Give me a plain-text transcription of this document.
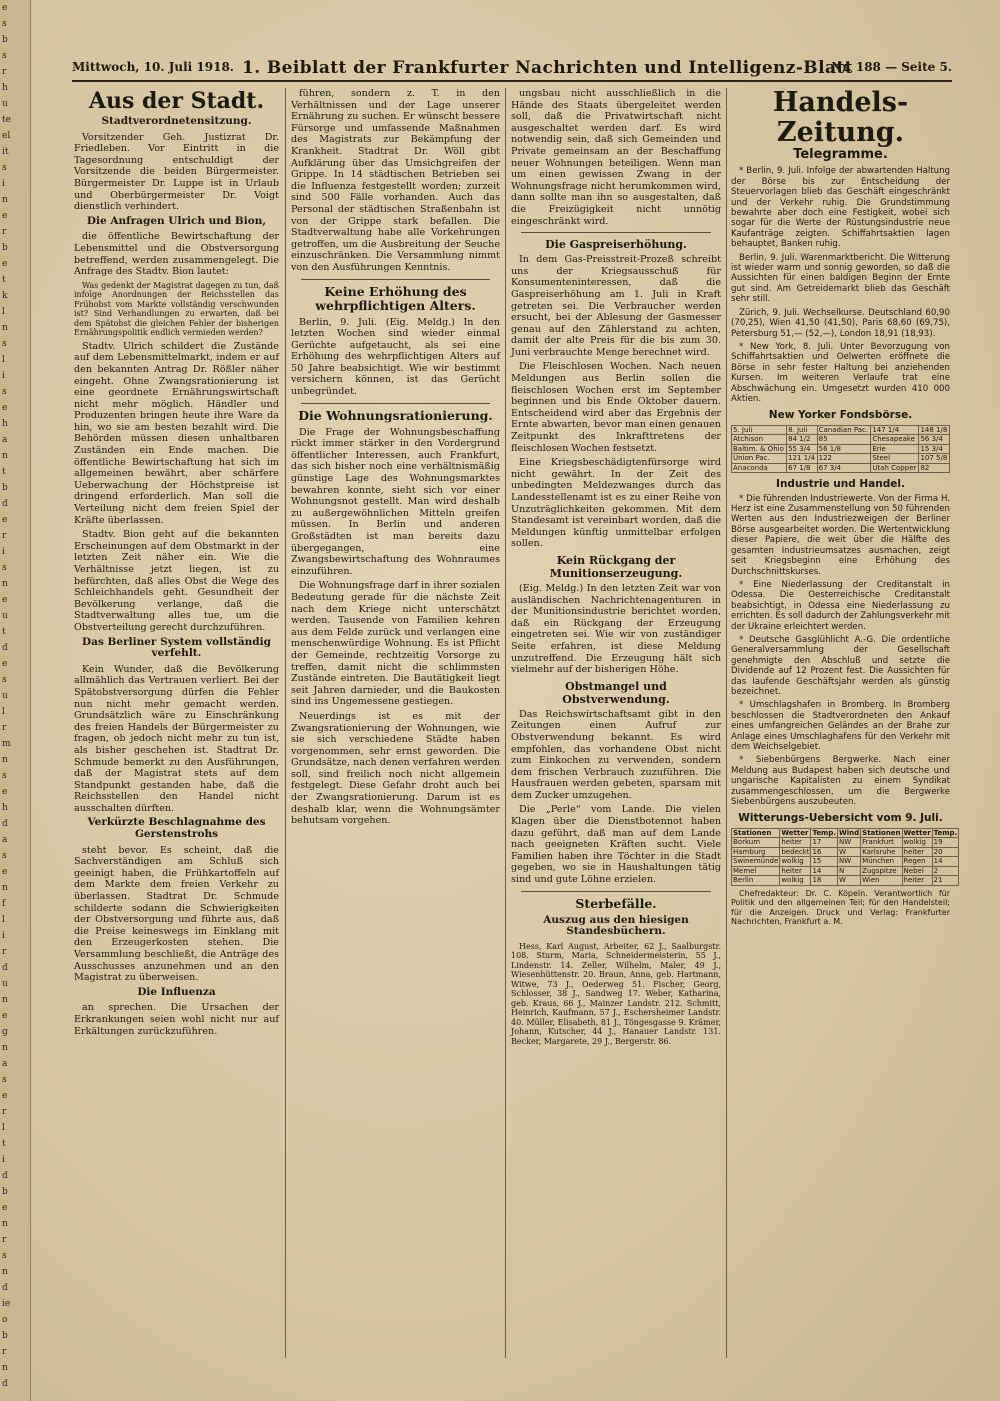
e
s
b
s
r
h
u
te
el
it
s
i
n
e
r
b
e
t
k
l
n
s
l
i
s
e
h
a
n
t
b
d
e
r
i
s
n
e
u
t
d
e
s
u
l
r
m
n
s
e
h
d
a
s
e
n
f
l
i
r
d
u
n
e
g
n
a
s
e
r
l
t
i
d
b
e
n
r
s
n
d
ie
o
b
r
n
d
Mittwoch, 10. Juli 1918. 1. Beiblatt der Frankfurter Nachrichten und Intelligenz-Blatt
Nr. 188 — Seite 5.
Aus der Stadt.
Stadtverordnetensitzung.

Vorsitzender Geh. Justizrat Dr. Friedleben. Vor Eintritt in die Tagesordnung entschuldigt der Vorsitzende die beiden Bürgermeister. Bürgermeister Dr. Luppe ist in Urlaub und Oberbürgermeister Dr. Voigt dienstlich verhindert.

Die Anfragen Ulrich und Bion,

die öffentliche Bewirtschaftung der Lebensmittel und die Obstversorgung betreffend, werden zusammengelegt. Die Anfrage des Stadtv. Bion lautet:

Was gedenkt der Magistrat dagegen zu tun, daß infolge Anordnungen der Reichsstellen das Frühobst vom Markte vollständig verschwunden ist? Sind Verhandlungen zu erwarten, daß bei dem Spätobst die gleichen Fehler der bisherigen Ernährungspolitik endlich vermieden werden?

Stadtv. Ulrich schildert die Zustände auf dem Lebensmittelmarkt, indem er auf den bekannten Antrag Dr. Rößler näher eingeht. Ohne Zwangsrationierung ist eine geordnete Ernährungswirtschaft nicht mehr möglich. Händler und Produzenten bringen heute ihre Ware da hin, wo sie am besten bezahlt wird. Die Behörden müssen diesen unhaltbaren Zuständen ein Ende machen. Die öffentliche Bewirtschaftung hat sich im allgemeinen bewährt, aber schärfere Ueberwachung der Höchstpreise ist dringend erforderlich. Man soll die Verteilung nicht dem freien Spiel der Kräfte überlassen.

Stadtv. Bion geht auf die bekannten Erscheinungen auf dem Obstmarkt in der letzten Zeit näher ein. Wie die Verhältnisse jetzt liegen, ist zu befürchten, daß alles Obst die Wege des Schleichhandels geht. Gesundheit der Bevölkerung verlange, daß die Stadtverwaltung alles tue, um die Obstverteilung gerecht durchzuführen.

Das Berliner System vollständig verfehlt.

Kein Wunder, daß die Bevölkerung allmählich das Vertrauen verliert. Bei der Spätobstversorgung dürfen die Fehler nun nicht mehr gemacht werden. Grundsätzlich wäre zu Einschränkung des freien Handels der Bürgermeister zu fragen, ob jedoch nicht mehr zu tun ist, als bisher geschehen ist. Stadtrat Dr. Schmude bemerkt zu den Ausführungen, daß der Magistrat stets auf dem Standpunkt gestanden habe, daß die Reichsstellen den Handel nicht ausschalten dürften.

Verkürzte Beschlagnahme des Gerstenstrohs

steht bevor. Es scheint, daß die Sachverständigen am Schluß sich geeinigt haben, die Frühkartoffeln auf dem Markte dem freien Verkehr zu überlassen. Stadtrat Dr. Schmude schilderte sodann die Schwierigkeiten der Obstversorgung und führte aus, daß die Preise keineswegs im Einklang mit den Erzeugerkosten stehen. Die Versammlung beschließt, die Anträge des Ausschusses anzunehmen und an den Magistrat zu überweisen.

Die Influenza

an sprechen. Die Ursachen der Erkrankungen seien wohl nicht nur auf Erkältungen zurückzuführen.

führen, sondern z. T. in den Verhältnissen und der Lage unserer Ernährung zu suchen. Er wünscht bessere Fürsorge und umfassende Maßnahmen des Magistrats zur Bekämpfung der Krankheit. Stadtrat Dr. Wöll gibt Aufklärung über das Umsichgreifen der Grippe. In 14 städtischen Betrieben sei die Influenza festgestellt worden; zurzeit sind 500 Fälle vorhanden. Auch das Personal der städtischen Straßenbahn ist von der Grippe stark befallen. Die Stadtverwaltung habe alle Vorkehrungen getroffen, um die Ausbreitung der Seuche einzuschränken. Die Versammlung nimmt von den Ausführungen Kenntnis.

Keine Erhöhung des wehrpflichtigen Alters.

Berlin, 9. Juli. (Eig. Meldg.) In den letzten Wochen sind wieder einmal Gerüchte aufgetaucht, als sei eine Erhöhung des wehrpflichtigen Alters auf 50 Jahre beabsichtigt. Wie wir bestimmt versichern können, ist das Gerücht unbegründet.

Die Wohnungsrationierung.

Die Frage der Wohnungsbeschaffung rückt immer stärker in den Vordergrund öffentlicher Interessen, auch Frankfurt, das sich bisher noch eine verhältnismäßig günstige Lage des Wohnungsmarktes bewahren konnte, sieht sich vor einer Wohnungsnot gestellt. Man wird deshalb zu außergewöhnlichen Mitteln greifen müssen. In Berlin und anderen Großstädten ist man bereits dazu übergegangen, eine Zwangsbewirtschaftung des Wohnraumes einzuführen.

Die Wohnungsfrage darf in ihrer sozialen Bedeutung gerade für die nächste Zeit nach dem Kriege nicht unterschätzt werden. Tausende von Familien kehren aus dem Felde zurück und verlangen eine menschenwürdige Wohnung. Es ist Pflicht der Gemeinde, rechtzeitig Vorsorge zu treffen, damit nicht die schlimmsten Zustände eintreten. Die Bautätigkeit liegt seit Jahren darnieder, und die Baukosten sind ins Ungemessene gestiegen.

Neuerdings ist es mit der Zwangsrationierung der Wohnungen, wie sie sich verschiedene Städte haben vorgenommen, sehr ernst geworden. Die Grundsätze, nach denen verfahren werden soll, sind freilich noch nicht allgemein festgelegt. Diese Gefahr droht auch bei der Zwangsrationierung. Darum ist es deshalb klar, wenn die Wohnungsämter behutsam vorgehen.

ungsbau nicht ausschließlich in die Hände des Staats übergeleitet werden soll, daß die Privatwirtschaft nicht ausgeschaltet werden darf. Es wird notwendig sein, daß sich Gemeinden und Private gemeinsam an der Beschaffung neuer Wohnungen beteiligen. Wenn man um einen gewissen Zwang in der Wohnungsfrage nicht herumkommen wird, dann sollte man ihn so ausgestalten, daß die Freizügigkeit nicht unnötig eingeschränkt wird.

Die Gaspreiserhöhung.

In dem Gas-Preisstreit-Prozeß schreibt uns der Kriegsausschuß für Konsumenteninteressen, daß die Gaspreiserhöhung am 1. Juli in Kraft getreten sei. Die Verbraucher werden ersucht, bei der Ablesung der Gasmesser genau auf den Zählerstand zu achten, damit der alte Preis für die bis zum 30. Juni verbrauchte Menge berechnet wird.

Die Fleischlosen Wochen. Nach neuen Meldungen aus Berlin sollen die fleischlosen Wochen erst im September beginnen und bis Ende Oktober dauern. Entscheidend wird aber das Ergebnis der Ernte abwarten, bevor man einen genauen Zeitpunkt des Inkrafttretens der fleischlosen Wochen festsetzt.

Eine Kriegsbeschädigtenfürsorge wird nicht gewährt. In der Zeit des unbedingten Meldezwanges durch das Landesstellenamt ist es zu einer Reihe von Unzuträglichkeiten gekommen. Mit dem Standesamt ist vereinbart worden, daß die Meldungen künftig unmittelbar erfolgen sollen.

Kein Rückgang der Munitionserzeugung.

(Eig. Meldg.) In den letzten Zeit war von ausländischen Nachrichtenagenturen in der Munitionsindustrie berichtet worden, daß ein Rückgang der Erzeugung eingetreten sei. Wie wir von zuständiger Seite erfahren, ist diese Meldung unzutreffend. Die Erzeugung hält sich vielmehr auf der bisherigen Höhe.

Obstmangel und Obstverwendung.

Das Reichswirtschaftsamt gibt in den Zeitungen einen Aufruf zur Obstverwendung bekannt. Es wird empfohlen, das vorhandene Obst nicht zum Einkochen zu verwenden, sondern dem frischen Verbrauch zuzuführen. Die Hausfrauen werden gebeten, sparsam mit dem Zucker umzugehen.

Die „Perle“ vom Lande. Die vielen Klagen über die Dienstbotennot haben dazu geführt, daß man auf dem Lande nach geeigneten Kräften sucht. Viele Familien haben ihre Töchter in die Stadt gegeben, wo sie in Haushaltungen tätig sind und gute Löhne erzielen.

Sterbefälle.
Auszug aus den hiesigen Standesbüchern.

Hess, Karl August, Arbeiter, 62 J., Saalburgstr. 108. Sturm, Maria, Schneidermeisterin, 55 J., Lindenstr. 14. Zeller, Wilhelm, Maler, 49 J., Wiesenhüttenstr. 20. Braun, Anna, geb. Hartmann, Witwe, 73 J., Oederweg 51. Fischer, Georg, Schlosser, 38 J., Sandweg 17. Weber, Katharina, geb. Kraus, 66 J., Mainzer Landstr. 212. Schmitt, Heinrich, Kaufmann, 57 J., Eschersheimer Landstr. 40. Müller, Elisabeth, 81 J., Töngesgasse 9. Krämer, Johann, Kutscher, 44 J., Hanauer Landstr. 131. Becker, Margarete, 29 J., Bergerstr. 86.

Handels-Zeitung.
Telegramme.

* Berlin, 9. Juli. Infolge der abwartenden Haltung der Börse bis zur Entscheidung der Steuervorlagen blieb das Geschäft eingeschränkt und der Verkehr ruhig. Die Grundstimmung bewahrte aber doch eine Festigkeit, wobei sich sogar für die Werte der Rüstungsindustrie neue Kaufanträge zeigten. Schiffahrtsaktien lagen behauptet, Banken ruhig.

Berlin, 9. Juli. Warenmarktbericht. Die Witterung ist wieder warm und sonnig geworden, so daß die Aussichten für einen baldigen Beginn der Ernte gut sind. Am Getreidemarkt blieb das Geschäft sehr still.

Zürich, 9. Juli. Wechselkurse. Deutschland 60,90 (70,25), Wien 41,50 (41,50), Paris 68,60 (69,75), Petersburg 51,— (52,—), London 18,91 (18,93).

* New York, 8. Juli. Unter Bevorzugung von Schiffahrtsaktien und Oelwerten eröffnete die Börse in sehr fester Haltung bei anziehenden Kursen. Im weiteren Verlaufe trat eine Abschwächung ein. Umgesetzt wurden 410 000 Aktien.

New Yorker Fondsbörse.
5. Juli	8. Juli	Canadian Pac.	147 1/4	148 1/8
Atchison	84 1/2	85	Chesapeake	56 3/4
Baltim. & Ohio	55 3/4	56 1/8	Erie	15 3/4
Union Pac.	121 1/4	122	Steel	107 5/8
Anaconda	67 1/8	67 3/4	Utah Copper	82
Industrie und Handel.

* Die führenden Industriewerte. Von der Firma H. Herz ist eine Zusammenstellung von 50 führenden Werten aus den Industriezweigen der Berliner Börse ausgearbeitet worden. Die Wertentwicklung dieser Papiere, die weit über die Hälfte des gesamten Industrieumsatzes ausmachen, zeigt seit Kriegsbeginn eine Erhöhung des Durchschnittskurses.

* Eine Niederlassung der Creditanstalt in Odessa. Die Oesterreichische Creditanstalt beabsichtigt, in Odessa eine Niederlassung zu errichten. Es soll dadurch der Zahlungsverkehr mit der Ukraine erleichtert werden.

* Deutsche Gasglühlicht A.-G. Die ordentliche Generalversammlung der Gesellschaft genehmigte den Abschluß und setzte die Dividende auf 12 Prozent fest. Die Aussichten für das laufende Geschäftsjahr werden als günstig bezeichnet.

* Umschlagshafen in Bromberg. In Bromberg beschlossen die Stadtverordneten den Ankauf eines umfangreichen Geländes an der Brahe zur Anlage eines Umschlaghafens für den Verkehr mit dem Weichselgebiet.

* Siebenbürgens Bergwerke. Nach einer Meldung aus Budapest haben sich deutsche und ungarische Kapitalisten zu einem Syndikat zusammengeschlossen, um die Bergwerke Siebenbürgens auszubeuten.

Witterungs-Uebersicht vom 9. Juli.
Stationen	Wetter	Temp.	Wind	Stationen	Wetter	Temp.
Borkum	heiter	17	NW	Frankfurt	wolkig	19
Hamburg	bedeckt	16	W	Karlsruhe	heiter	20
Swinemünde	wolkig	15	NW	München	Regen	14
Memel	heiter	14	N	Zugspitze	Nebel	2
Berlin	wolkig	18	W	Wien	heiter	21

Chefredakteur: Dr. C. Köpeln. Verantwortlich für Politik und den allgemeinen Teil; für den Handelsteil; für die Anzeigen. Druck und Verlag: Frankfurter Nachrichten, Frankfurt a. M.
